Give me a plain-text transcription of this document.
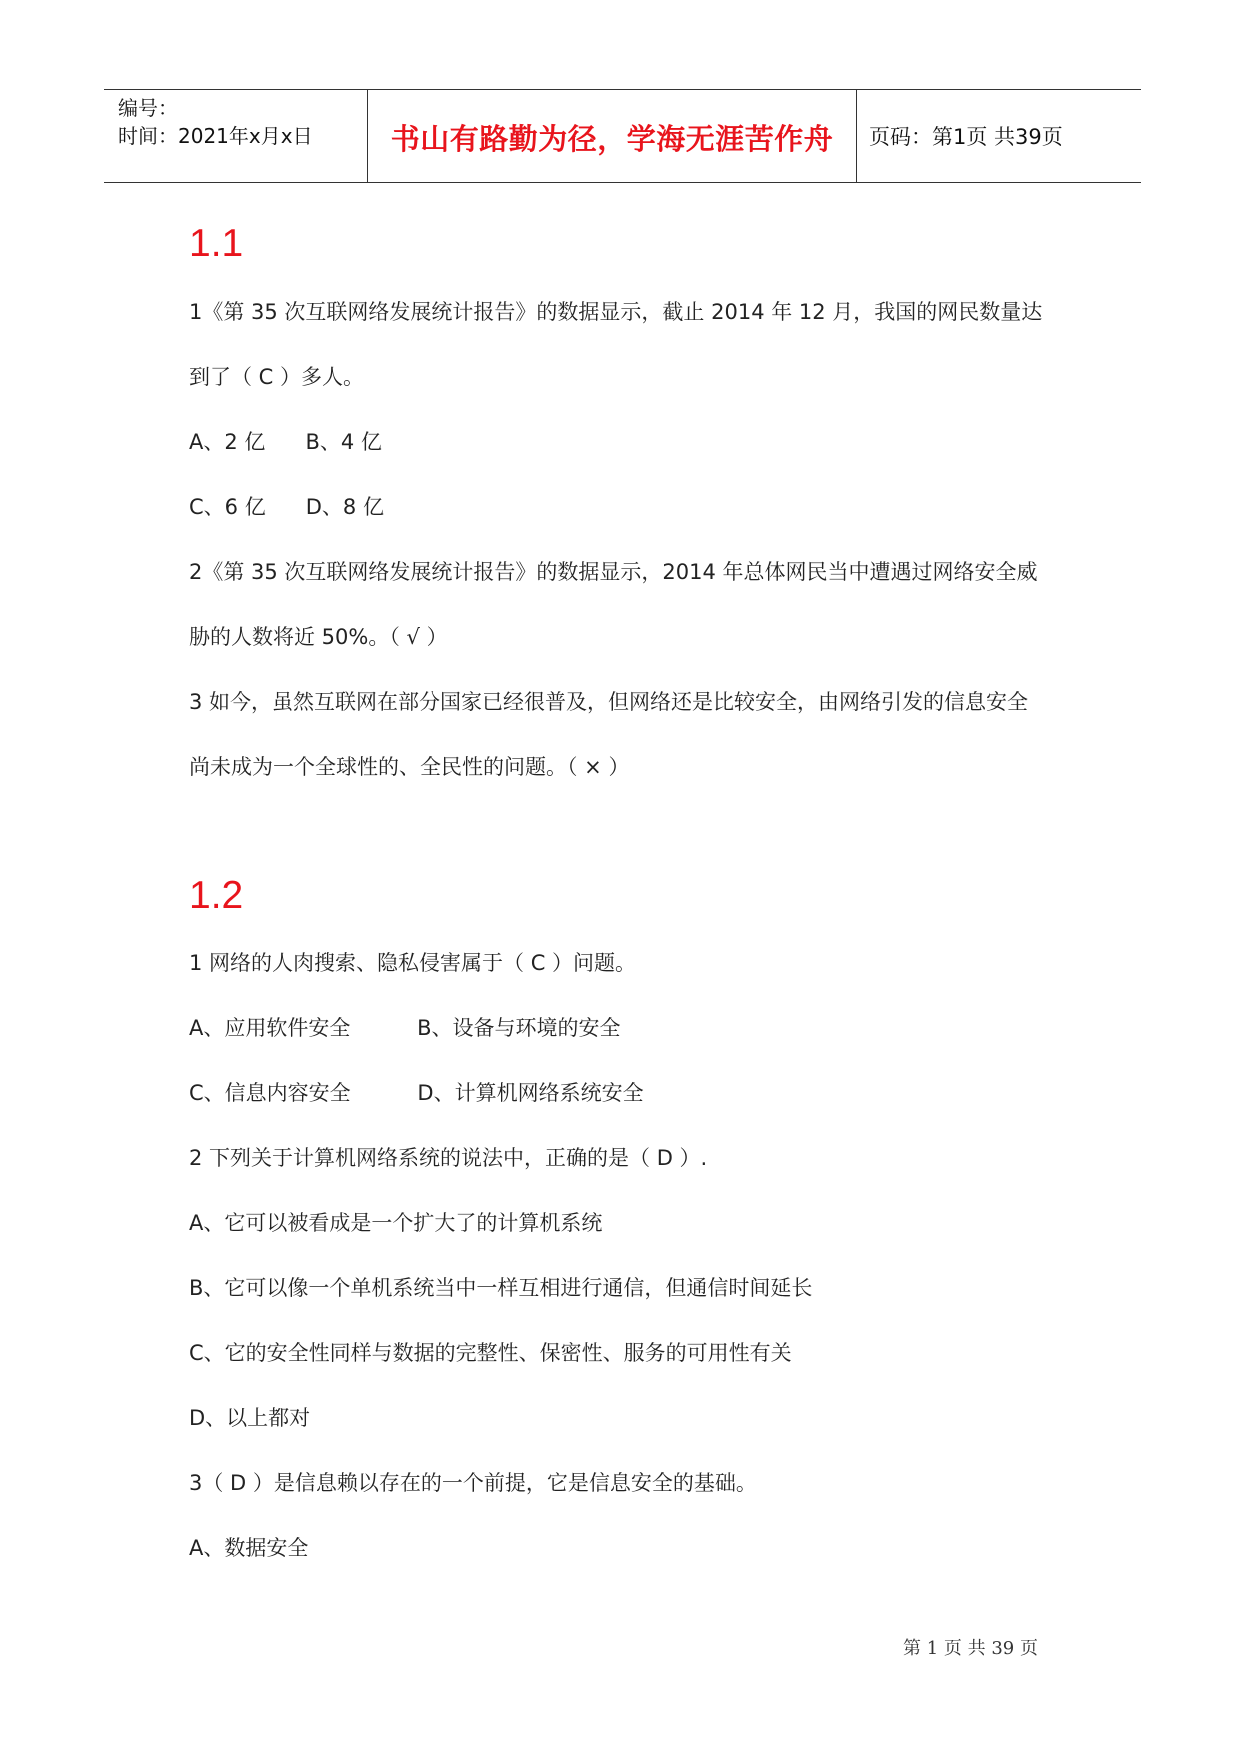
编号：
时间：2021年x月x日	书山有路勤为径，学海无涯苦作舟	页码：第1页 共39页
1.1
1《第 35 次互联网络发展统计报告》的数据显示，截止 2014 年 12 月，我国的网民数量达
到了（ C ）多人。
A、2 亿      B、4 亿
C、6 亿      D、8 亿
2《第 35 次互联网络发展统计报告》的数据显示，2014 年总体网民当中遭遇过网络安全威
胁的人数将近 50%。（ √ ）
3 如今，虽然互联网在部分国家已经很普及，但网络还是比较安全，由网络引发的信息安全
尚未成为一个全球性的、全民性的问题。（ × ）
1.2
1 网络的人肉搜索、隐私侵害属于（ C ）问题。
A、应用软件安全          B、设备与环境的安全
C、信息内容安全          D、计算机网络系统安全
2 下列关于计算机网络系统的说法中，正确的是（ D ）.
A、它可以被看成是一个扩大了的计算机系统
B、它可以像一个单机系统当中一样互相进行通信，但通信时间延长
C、它的安全性同样与数据的完整性、保密性、服务的可用性有关
D、以上都对
3（ D ）是信息赖以存在的一个前提，它是信息安全的基础。
A、数据安全
第 1 页 共 39 页
